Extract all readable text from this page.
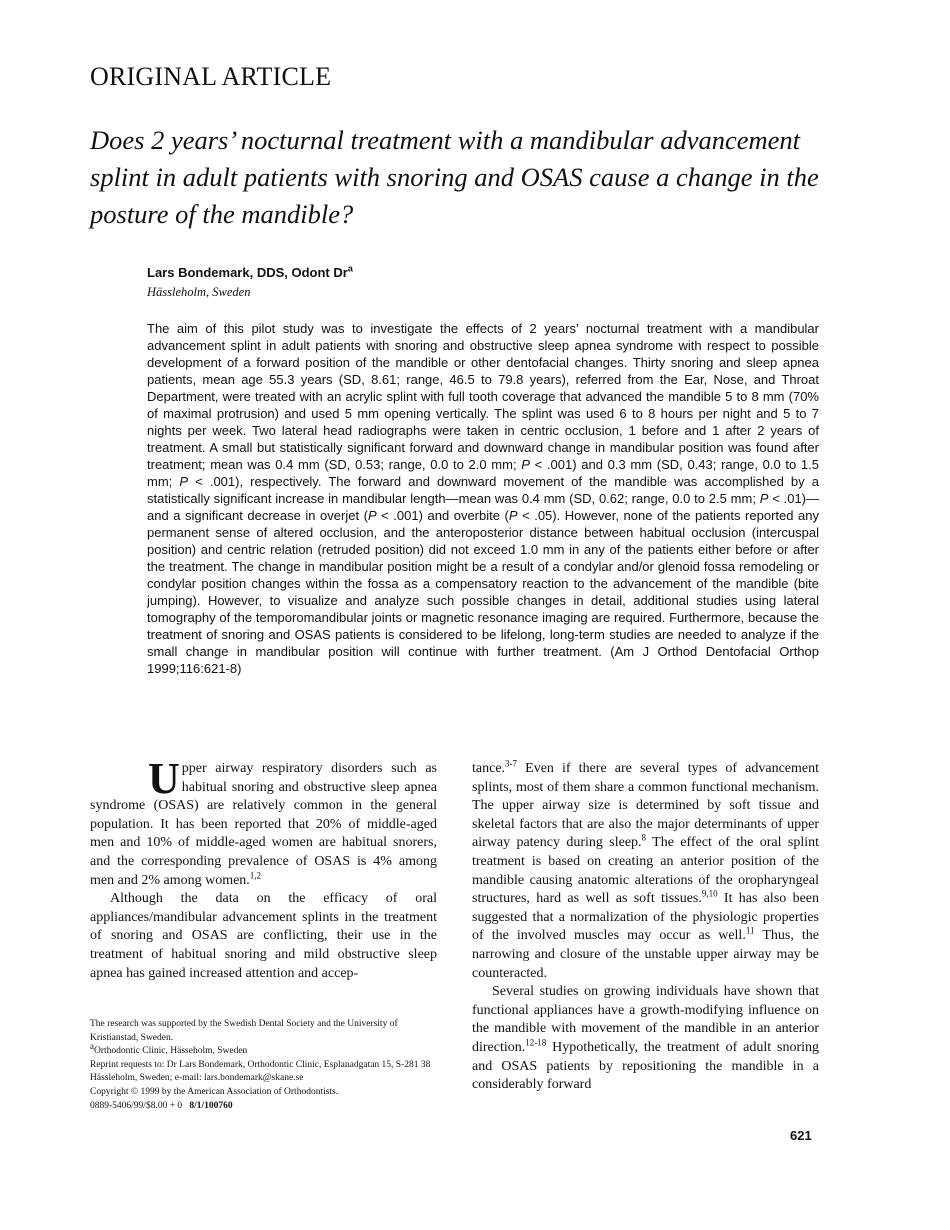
ORIGINAL ARTICLE
Does 2 years’ nocturnal treatment with a mandibular advancement splint in adult patients with snoring and OSAS cause a change in the posture of the mandible?
Lars Bondemark, DDS, Odont Dr$^a$
Hässleholm, Sweden
The aim of this pilot study was to investigate the effects of 2 years’ nocturnal treatment with a mandibular advancement splint in adult patients with snoring and obstructive sleep apnea syndrome with respect to possible development of a forward position of the mandible or other dentofacial changes. Thirty snoring and sleep apnea patients, mean age 55.3 years (SD, 8.61; range, 46.5 to 79.8 years), referred from the Ear, Nose, and Throat Department, were treated with an acrylic splint with full tooth coverage that advanced the mandible 5 to 8 mm (70% of maximal protrusion) and used 5 mm opening vertically. The splint was used 6 to 8 hours per night and 5 to 7 nights per week. Two lateral head radiographs were taken in centric occlusion, 1 before and 1 after 2 years of treatment. A small but statistically significant forward and downward change in mandibular position was found after treatment; mean was 0.4 mm (SD, 0.53; range, 0.0 to 2.0 mm; P < .001) and 0.3 mm (SD, 0.43; range, 0.0 to 1.5 mm; P < .001), respectively. The forward and downward movement of the mandible was accomplished by a statistically significant increase in mandibular length—mean was 0.4 mm (SD, 0.62; range, 0.0 to 2.5 mm; P < .01)—and a significant decrease in overjet (P < .001) and overbite (P < .05). However, none of the patients reported any permanent sense of altered occlusion, and the anteroposterior distance between habitual occlusion (intercuspal position) and centric relation (retruded position) did not exceed 1.0 mm in any of the patients either before or after the treatment. The change in mandibular position might be a result of a condylar and/or glenoid fossa remodeling or condylar position changes within the fossa as a compensatory reaction to the advancement of the mandible (bite jumping). However, to visualize and analyze such possible changes in detail, additional studies using lateral tomography of the temporomandibular joints or magnetic resonance imaging are required. Furthermore, because the treatment of snoring and OSAS patients is considered to be lifelong, long-term studies are needed to analyze if the small change in mandibular position will continue with further treatment. (Am J Orthod Dentofacial Orthop 1999;116:621-8)

Upper airway respiratory disorders such as habitual snoring and obstructive sleep apnea syndrome (OSAS) are relatively common in the general population. It has been reported that 20% of middle-aged men and 10% of middle-aged women are habitual snorers, and the corresponding prevalence of OSAS is 4% among men and 2% among women.$^{1,2}$

Although the data on the efficacy of oral appliances/mandibular advancement splints in the treatment of snoring and OSAS are conflicting, their use in the treatment of habitual snoring and mild obstructive sleep apnea has gained increased attention and accep-

tance.$^{3-7}$ Even if there are several types of advancement splints, most of them share a common functional mechanism. The upper airway size is determined by soft tissue and skeletal factors that are also the major determinants of upper airway patency during sleep.$^8$ The effect of the oral splint treatment is based on creating an anterior position of the mandible causing anatomic alterations of the oropharyngeal structures, hard as well as soft tissues.$^{9,10}$ It has also been suggested that a normalization of the physiologic properties of the involved muscles may occur as well.$^{11}$ Thus, the narrowing and closure of the unstable upper airway may be counteracted.

Several studies on growing individuals have shown that functional appliances have a growth-modifying influence on the mandible with movement of the mandible in an anterior direction.$^{12-18}$ Hypothetically, the treatment of adult snoring and OSAS patients by repositioning the mandible in a considerably forward

The research was supported by the Swedish Dental Society and the University of Kristianstad, Sweden.

$^a$Orthodontic Clinic, Hässeholm, Sweden

Reprint requests to: Dr Lars Bondemark, Orthodontic Clinic, Esplanadgatan 15, S-281 38 Hässleholm, Sweden; e-mail: lars.bondemark@skane.se

Copyright © 1999 by the American Association of Orthodontists.

0889-5406/99/$8.00 + 0 8/1/100760

621
